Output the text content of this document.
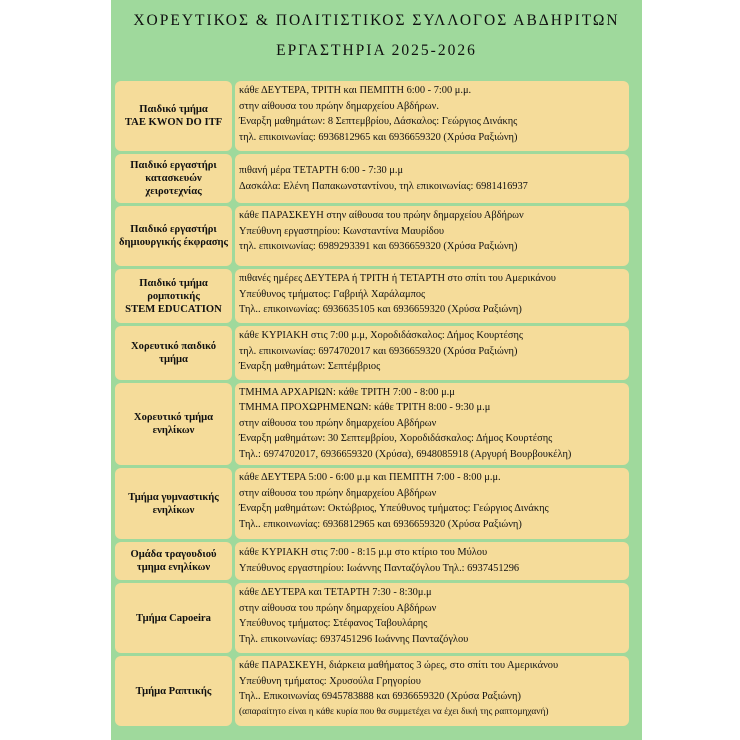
ΧΟΡΕΥΤΙΚΟΣ & ΠΟΛΙΤΙΣΤΙΚΟΣ ΣΥΛΛΟΓΟΣ ΑΒΔΗΡΙΤΩΝ
ΕΡΓΑΣΤΗΡΙΑ 2025-2026
Παιδικό τμήμα
TAE KWON DO ITF
κάθε ΔΕΥΤΕΡΑ, ΤΡΙΤΗ και ΠΕΜΠΤΗ 6:00 - 7:00 μ.μ.
στην αίθουσα του πρώην δημαρχείου Αβδήρων.
Έναρξη μαθημάτων: 8 Σεπτεμβρίου, Δάσκαλος: Γεώργιος Δινάκης
τηλ. επικοινωνίας: 6936812965 και 6936659320 (Χρύσα Ραξιώνη)
Παιδικό εργαστήρι κατασκευών χειροτεχνίας
πιθανή μέρα ΤΕΤΑΡΤΗ 6:00 - 7:30 μ.μ
Δασκάλα: Ελένη Παπακωνσταντίνου, τηλ επικοινωνίας: 6981416937
Παιδικό εργαστήρι δημιουργικής έκφρασης
κάθε ΠΑΡΑΣΚΕΥΗ στην αίθουσα του πρώην δημαρχείου Αβδήρων
Υπεύθυνη εργαστηρίου: Κωνσταντίνα Μαυρίδου
τηλ. επικοινωνίας: 6989293391 και 6936659320 (Χρύσα Ραξιώνη)
Παιδικό τμήμα ρομποτικής
STEM EDUCATION
πιθανές ημέρες ΔΕΥΤΕΡΑ ή ΤΡΙΤΗ ή ΤΕΤΑΡΤΗ στο σπίτι του Αμερικάνου
Υπεύθυνος τμήματος: Γαβριήλ Χαράλαμπος
Τηλ.. επικοινωνίας: 6936635105 και 6936659320 (Χρύσα Ραξιώνη)
Χορευτικό παιδικό τμήμα
κάθε ΚΥΡΙΑΚΗ στις 7:00 μ.μ, Χοροδιδάσκαλος: Δήμος Κουρτέσης
τηλ. επικοινωνίας: 6974702017 και 6936659320 (Χρύσα Ραξιώνη)
Έναρξη μαθημάτων: Σεπτέμβριος
Χορευτικό τμήμα ενηλίκων
ΤΜΗΜΑ ΑΡΧΑΡΙΩΝ: κάθε ΤΡΙΤΗ 7:00 - 8:00 μ.μ
ΤΜΗΜΑ ΠΡΟΧΩΡΗΜΕΝΩΝ: κάθε ΤΡΙΤΗ 8:00 - 9:30 μ.μ
στην αίθουσα του πρώην δημαρχείου Αβδήρων
Έναρξη μαθημάτων: 30 Σεπτεμβρίου, Χοροδιδάσκαλος: Δήμος Κουρτέσης
Τηλ.: 6974702017, 6936659320 (Χρύσα), 6948085918 (Αργυρή Βουρβουκέλη)
Τμήμα γυμναστικής ενηλίκων
κάθε ΔΕΥΤΕΡΑ 5:00 - 6:00 μ.μ και ΠΕΜΠΤΗ 7:00 - 8:00 μ.μ.
στην αίθουσα του πρώην δημαρχείου Αβδήρων
Έναρξη μαθημάτων: Οκτώβριος, Υπεύθυνος τμήματος: Γεώργιος Δινάκης
Τηλ.. επικοινωνίας: 6936812965 και 6936659320 (Χρύσα Ραξιώνη)
Ομάδα τραγουδιού τμημα ενηλίκων
κάθε ΚΥΡΙΑΚΗ στις 7:00 - 8:15 μ.μ στο κτίριο του Μύλου
Υπεύθυνος εργαστηρίου: Ιωάννης Πανταζόγλου Τηλ.: 6937451296
Τμήμα Capoeira
κάθε ΔΕΥΤΕΡΑ και ΤΕΤΑΡΤΗ 7:30 - 8:30μ.μ
στην αίθουσα του πρώην δημαρχείου Αβδήρων
Υπεύθυνος τμήματος: Στέφανος Ταβουλάρης
Τηλ. επικοινωνίας: 6937451296 Ιωάννης Πανταζόγλου
Τμήμα Ραπτικής
κάθε ΠΑΡΑΣΚΕΥΗ, διάρκεια μαθήματος 3 ώρες, στο σπίτι του Αμερικάνου
Υπεύθυνη τμήματος: Χρυσούλα Γρηγορίου
Τηλ.. Επικοινωνίας 6945783888 και 6936659320 (Χρύσα Ραξιώνη)
(απαραίτητο είναι η κάθε κυρία που θα συμμετέχει να έχει δική της ραπτομηχανή)
